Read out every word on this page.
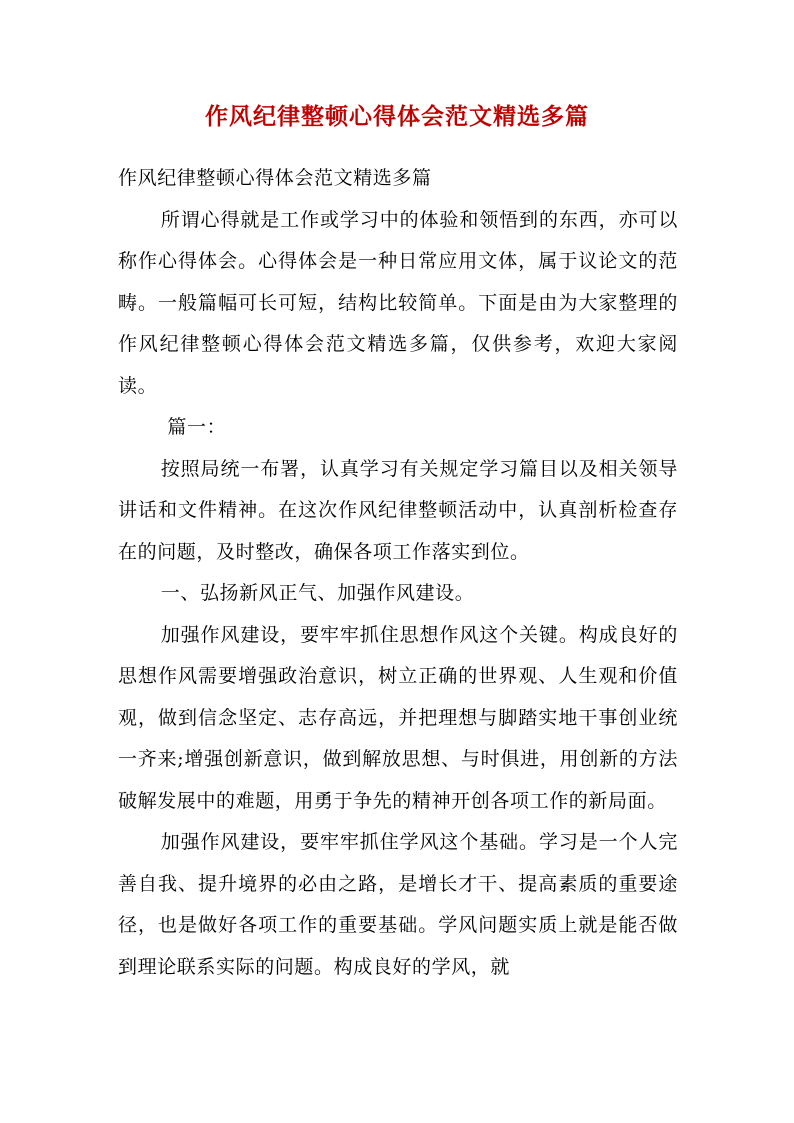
作风纪律整顿心得体会范文精选多篇

作风纪律整顿心得体会范文精选多篇

所谓心得就是工作或学习中的体验和领悟到的东西，亦可以称作心得体会。心得体会是一种日常应用文体，属于议论文的范畴。一般篇幅可长可短，结构比较简单。下面是由为大家整理的作风纪律整顿心得体会范文精选多篇，仅供参考，欢迎大家阅读。

篇一：

按照局统一布署，认真学习有关规定学习篇目以及相关领导讲话和文件精神。在这次作风纪律整顿活动中，认真剖析检查存在的问题，及时整改，确保各项工作落实到位。

一、弘扬新风正气、加强作风建设。

加强作风建设，要牢牢抓住思想作风这个关键。构成良好的思想作风需要增强政治意识，树立正确的世界观、人生观和价值观，做到信念坚定、志存高远，并把理想与脚踏实地干事创业统一齐来;增强创新意识，做到解放思想、与时俱进，用创新的方法破解发展中的难题，用勇于争先的精神开创各项工作的新局面。

加强作风建设，要牢牢抓住学风这个基础。学习是一个人完善自我、提升境界的必由之路，是增长才干、提高素质的重要途径，也是做好各项工作的重要基础。学风问题实质上就是能否做到理论联系实际的问题。构成良好的学风，就
